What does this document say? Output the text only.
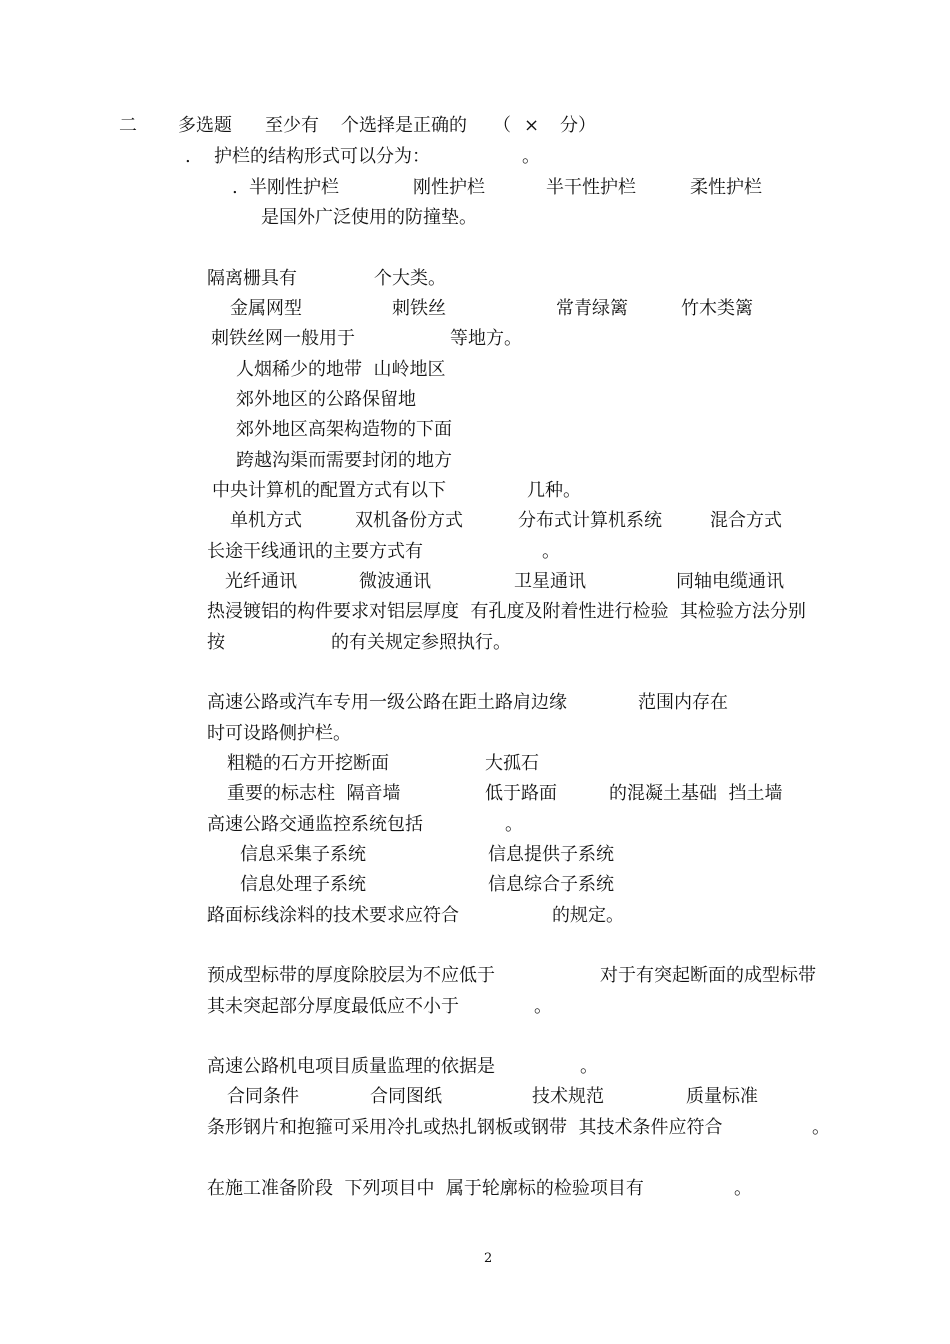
二 多选题 至少有 个选择是正确的 （ × 分）
. 护栏的结构形式可以分为：	。
. 半刚性护栏	刚性护栏	半干性护栏	柔性护栏
是国外广泛使用的防撞垫。
隔离栅具有	个大类。
金属网型	刺铁丝	常青绿篱	竹木类篱
刺铁丝网一般用于	等地方。
人烟稀少的地带  山岭地区
郊外地区的公路保留地
郊外地区高架构造物的下面
跨越沟渠而需要封闭的地方
中央计算机的配置方式有以下	几种。
单机方式	双机备份方式	分布式计算机系统	混合方式
长途干线通讯的主要方式有	。
光纤通讯	微波通讯	卫星通讯	同轴电缆通讯
热浸镀铝的构件要求对铝层厚度  有孔度及附着性进行检验  其检验方法分别
按	的有关规定参照执行。
高速公路或汽车专用一级公路在距土路肩边缘	范围内存在
时可设路侧护栏。
粗糙的石方开挖断面	大孤石
重要的标志柱  隔音墙	低于路面	的混凝土基础  挡土墙
高速公路交通监控系统包括	。
信息采集子系统	信息提供子系统
信息处理子系统	信息综合子系统
路面标线涂料的技术要求应符合	的规定。
预成型标带的厚度除胶层为不应低于	对于有突起断面的成型标带
其未突起部分厚度最低应不小于	。
高速公路机电项目质量监理的依据是	。
合同条件	合同图纸	技术规范	质量标准
条形钢片和抱箍可采用冷扎或热扎钢板或钢带  其技术条件应符合	。
在施工准备阶段  下列项目中  属于轮廓标的检验项目有	。
2
